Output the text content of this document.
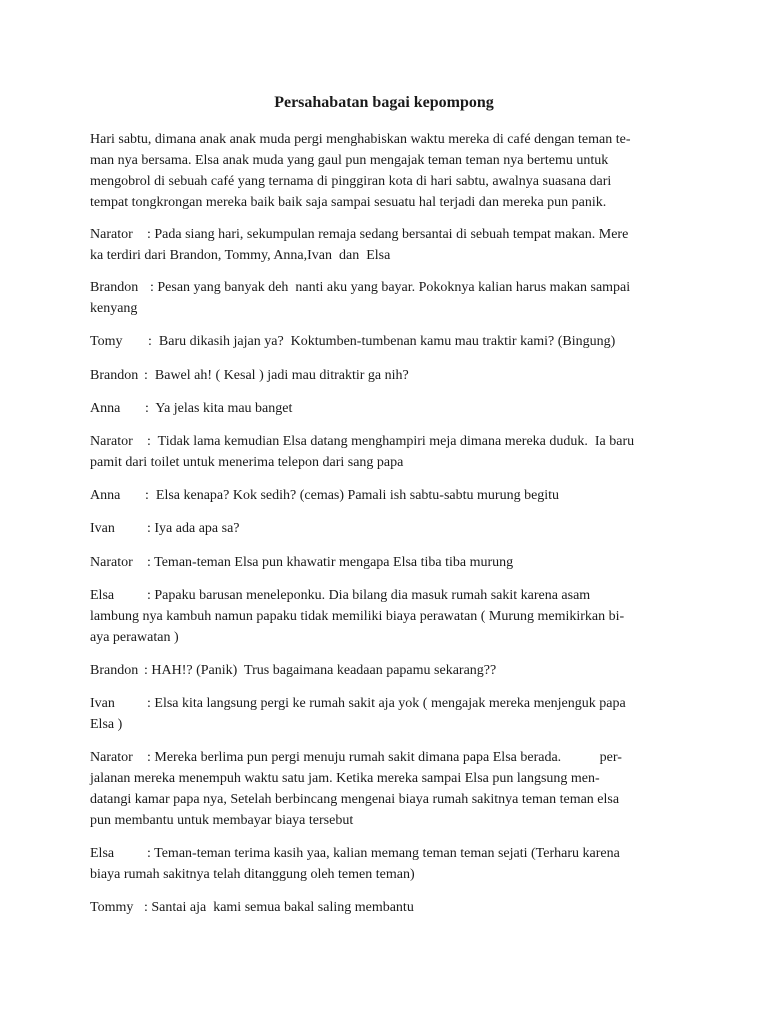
Persahabatan bagai kepompong
Hari sabtu, dimana anak anak muda pergi menghabiskan waktu mereka di café dengan teman te-
man nya bersama. Elsa anak muda yang gaul pun mengajak teman teman nya bertemu untuk
mengobrol di sebuah café yang ternama di pinggiran kota di hari sabtu, awalnya suasana dari
tempat tongkrongan mereka baik baik saja sampai sesuatu hal terjadi dan mereka pun panik.
Narator : Pada siang hari, sekumpulan remaja sedang bersantai di sebuah tempat makan. Mere
ka terdiri dari Brandon, Tommy, Anna,Ivan  dan  Elsa
Brandon : Pesan yang banyak deh  nanti aku yang bayar. Pokoknya kalian harus makan sampai
kenyang
Tomy :  Baru dikasih jajan ya?  Koktumben-tumbenan kamu mau traktir kami? (Bingung)
Brandon :  Bawel ah! ( Kesal ) jadi mau ditraktir ga nih?
Anna :  Ya jelas kita mau banget
Narator :  Tidak lama kemudian Elsa datang menghampiri meja dimana mereka duduk.  Ia baru
pamit dari toilet untuk menerima telepon dari sang papa
Anna :  Elsa kenapa? Kok sedih? (cemas) Pamali ish sabtu-sabtu murung begitu
Ivan : Iya ada apa sa?
Narator : Teman-teman Elsa pun khawatir mengapa Elsa tiba tiba murung
Elsa : Papaku barusan meneleponku. Dia bilang dia masuk rumah sakit karena asam
lambung nya kambuh namun papaku tidak memiliki biaya perawatan ( Murung memikirkan bi-
aya perawatan )
Brandon : HAH!? (Panik)  Trus bagaimana keadaan papamu sekarang??
Ivan : Elsa kita langsung pergi ke rumah sakit aja yok ( mengajak mereka menjenguk papa
Elsa )
Narator : Mereka berlima pun pergi menuju rumah sakit dimana papa Elsa berada.           per-
jalanan mereka menempuh waktu satu jam. Ketika mereka sampai Elsa pun langsung men-
datangi kamar papa nya, Setelah berbincang mengenai biaya rumah sakitnya teman teman elsa
pun membantu untuk membayar biaya tersebut
Elsa : Teman-teman terima kasih yaa, kalian memang teman teman sejati (Terharu karena
biaya rumah sakitnya telah ditanggung oleh temen teman)
Tommy : Santai aja  kami semua bakal saling membantu
